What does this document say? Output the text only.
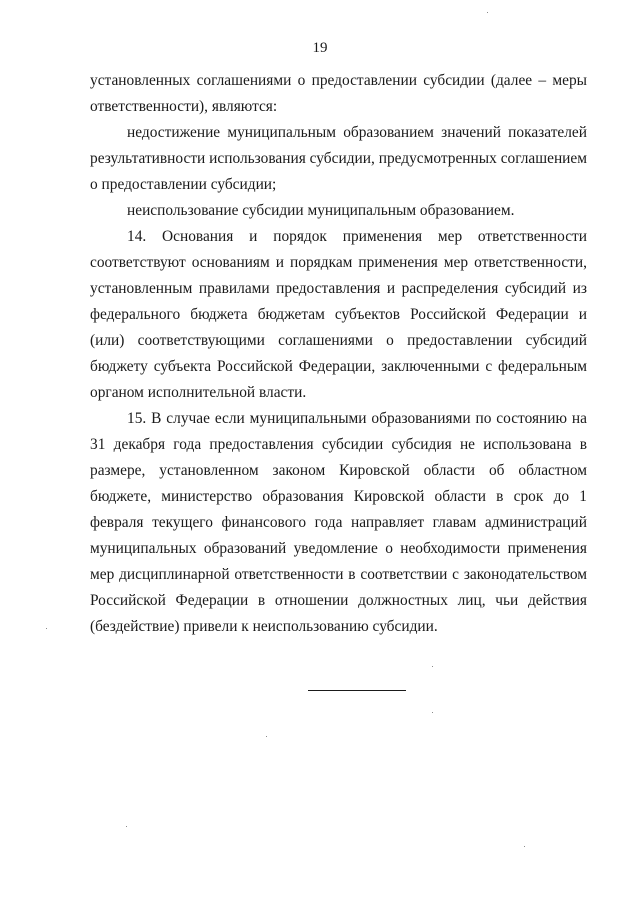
19

установленных соглашениями о предоставлении субсидии (далее – меры ответственности), являются:

недостижение муниципальным образованием значений показателей результативности использования субсидии, предусмотренных соглашением о предоставлении субсидии;

неиспользование субсидии муниципальным образованием.

14. Основания и порядок применения мер ответственности соответствуют основаниям и порядкам применения мер ответственности, установленным правилами предоставления и распределения субсидий из федерального бюджета бюджетам субъектов Российской Федерации и (или) соответствующими соглашениями о предоставлении субсидий бюджету субъекта Российской Федерации, заключенными с федеральным органом исполнительной власти.

15. В случае если муниципальными образованиями по состоянию на 31 декабря года предоставления субсидии субсидия не использована в размере, установленном законом Кировской области об областном бюджете, министерство образования Кировской области в срок до 1 февраля текущего финансового года направляет главам администраций муниципальных образований уведомление о необходимости применения мер дисциплинарной ответственности в соответствии с законодательством Российской Федерации в отношении должностных лиц, чьи действия (бездействие) привели к неиспользованию субсидии.
